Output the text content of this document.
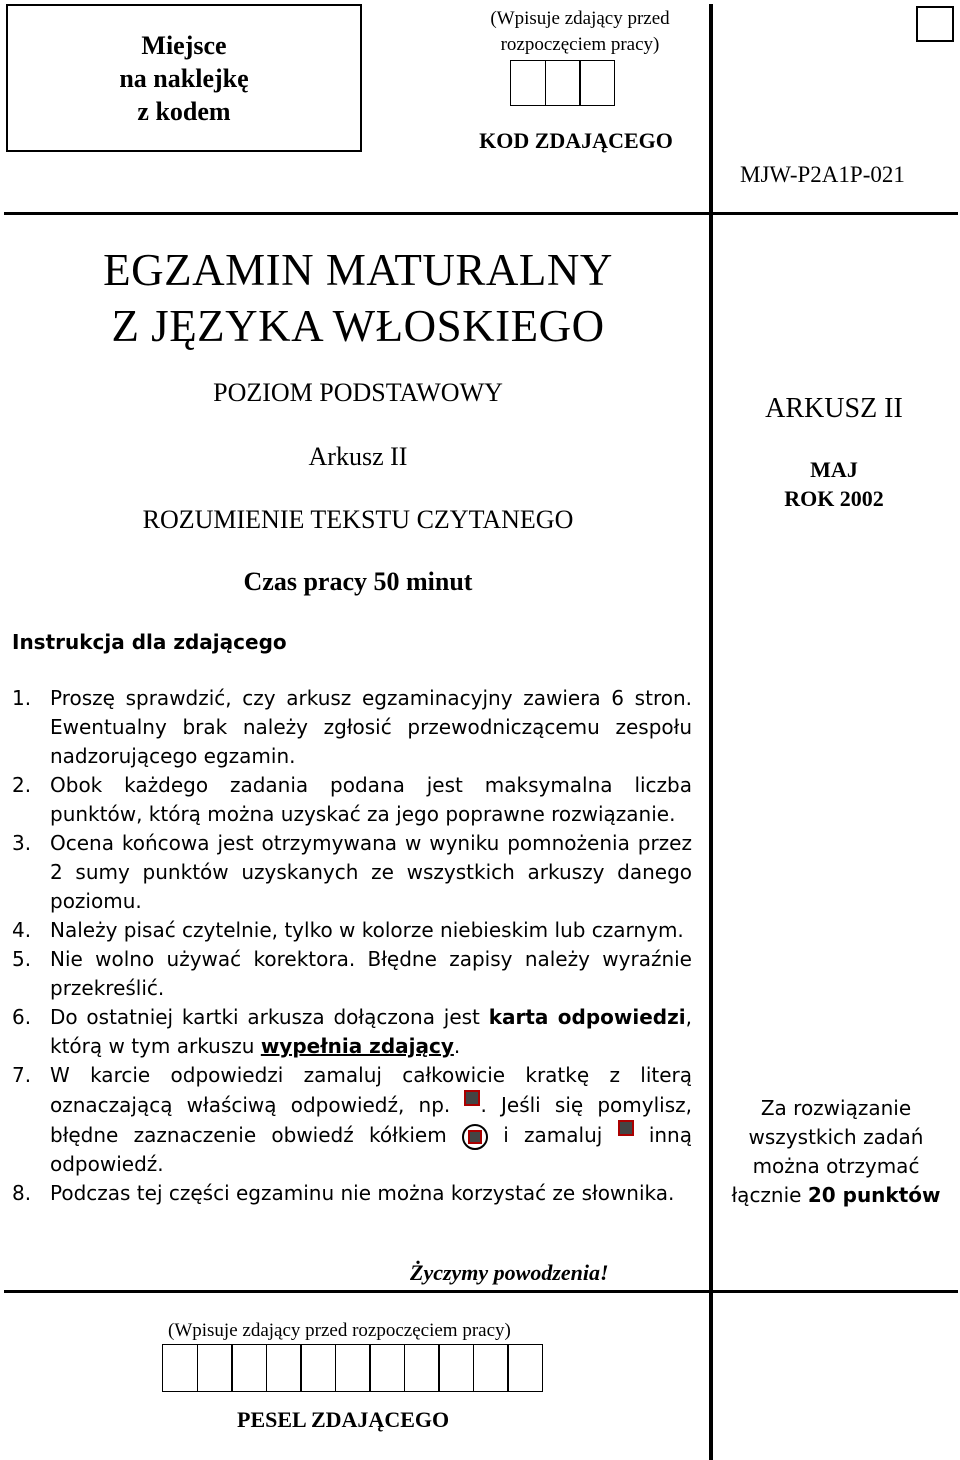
Miejsce
na naklejkę
z kodem
(Wpisuje zdający przed
rozpoczęciem pracy)
KOD ZDAJĄCEGO
MJW-P2A1P-021
EGZAMIN MATURALNY
Z JĘZYKA WŁOSKIEGO
POZIOM PODSTAWOWY
Arkusz II
ROZUMIENIE TEKSTU CZYTANEGO
Czas pracy 50 minut
ARKUSZ II
MAJ
ROK 2002
Instrukcja dla zdającego
1. Proszę sprawdzić, czy arkusz egzaminacyjny zawiera 6 stron. Ewentualny brak należy zgłosić przewodniczącemu zespołu nadzorującego egzamin.
2. Obok każdego zadania podana jest maksymalna liczba punktów, którą można uzyskać za jego poprawne rozwiązanie.
3. Ocena końcowa jest otrzymywana w wyniku pomnożenia przez 2 sumy punktów uzyskanych ze wszystkich arkuszy danego poziomu.
4. Należy pisać czytelnie, tylko w kolorze niebieskim lub czarnym.
5. Nie wolno używać korektora. Błędne zapisy należy wyraźnie przekreślić.
6. Do ostatniej kartki arkusza dołączona jest karta odpowiedzi, którą w tym arkuszu wypełnia zdający.
7. W karcie odpowiedzi zamaluj całkowicie kratkę z literą oznaczającą właściwą odpowiedź, np. . Jeśli się pomylisz, błędne zaznaczenie obwiedź kółkiem  i zamaluj  inną odpowiedź.
8. Podczas tej części egzaminu nie można korzystać ze słownika.
Życzymy powodzenia!
Za rozwiązanie
wszystkich zadań
można otrzymać
łącznie 20 punktów
(Wpisuje zdający przed rozpoczęciem pracy)
PESEL ZDAJĄCEGO
